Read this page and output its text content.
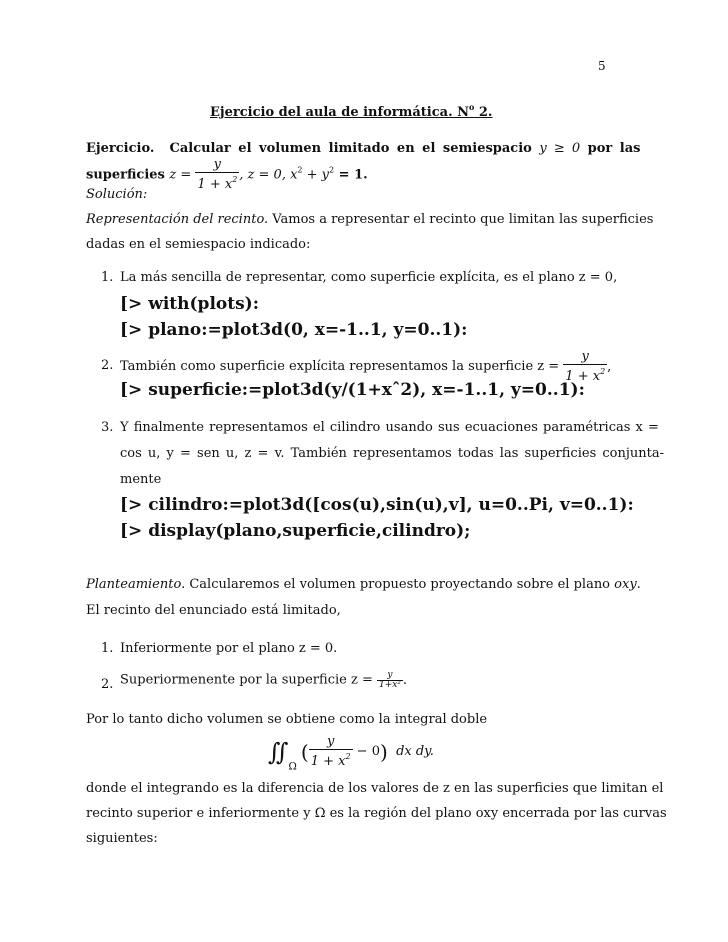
5
Ejercicio del aula de informática. $N^o$ 2.
Ejercicio. Calcular el volumen limitado en el semiespacio y ≥ 0 por las
superficies $z = \frac{y}{1 + x^2}$ , z = 0, $x^2 + y^2 = 1$.
Solución:
Representación del recinto. Vamos a representar el recinto que limitan las superficies
dadas en el semiespacio indicado:
1. La más sencilla de representar, como superficie explícita, es el plano z = 0,
[> with(plots):
[> plano:=plot3d(0, x=-1..1, y=0..1):
2. También como superficie explícita representamos la superficie $z = \frac{y}{1 + x^2}$ ,
[> superficie:=plot3d(y/(1+xˆ2), x=-1..1, y=0..1):
3. Y finalmente representamos el cilindro usando sus ecuaciones paramétricas x =
cos u, y = sen u, z = v. También representamos todas las superficies conjunta-
mente
[> cilindro:=plot3d([cos(u),sin(u),v], u=0..Pi, v=0..1):
[> display(plano,superficie,cilindro);
Planteamiento. Calcularemos el volumen propuesto proyectando sobre el plano oxy.
El recinto del enunciado está limitado,
1. Inferiormente por el plano z = 0.
2. Superiormenente por la superficie $z = \frac{y}{\text{1+x²}}$ .
Por lo tanto dicho volumen se obtiene como la integral doble
$∬_\Omega$ ( $\frac{y}{1 + x^2} - 0$) dx dy.
donde el integrando es la diferencia de los valores de z en las superficies que limitan el
recinto superior e inferiormente y Ω es la región del plano oxy encerrada por las curvas
siguientes:
